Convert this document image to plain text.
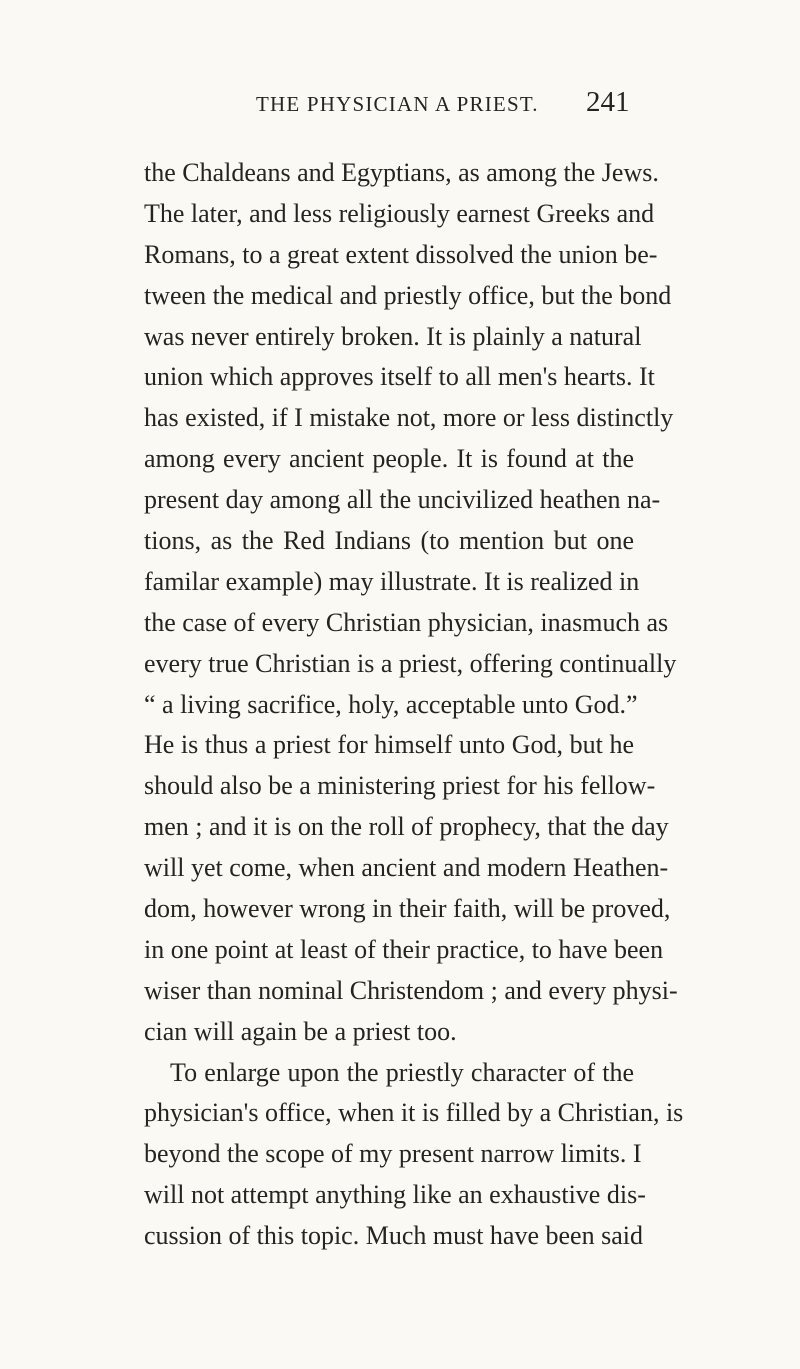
THE PHYSICIAN A PRIEST. 241
the Chaldeans and Egyptians, as among the Jews.
The later, and less religiously earnest Greeks and
Romans, to a great extent dissolved the union be-
tween the medical and priestly office, but the bond
was never entirely broken. It is plainly a natural
union which approves itself to all men's hearts. It
has existed, if I mistake not, more or less distinctly
among every ancient people. It is found at the
present day among all the uncivilized heathen na-
tions, as the Red Indians (to mention but one
familar example) may illustrate. It is realized in
the case of every Christian physician, inasmuch as
every true Christian is a priest, offering continually
“ a living sacrifice, holy, acceptable unto God.”
He is thus a priest for himself unto God, but he
should also be a ministering priest for his fellow-
men ; and it is on the roll of prophecy, that the day
will yet come, when ancient and modern Heathen-
dom, however wrong in their faith, will be proved,
in one point at least of their practice, to have been
wiser than nominal Christendom ; and every physi-
cian will again be a priest too.
To enlarge upon the priestly character of the
physician's office, when it is filled by a Christian, is
beyond the scope of my present narrow limits. I
will not attempt anything like an exhaustive dis-
cussion of this topic. Much must have been said
